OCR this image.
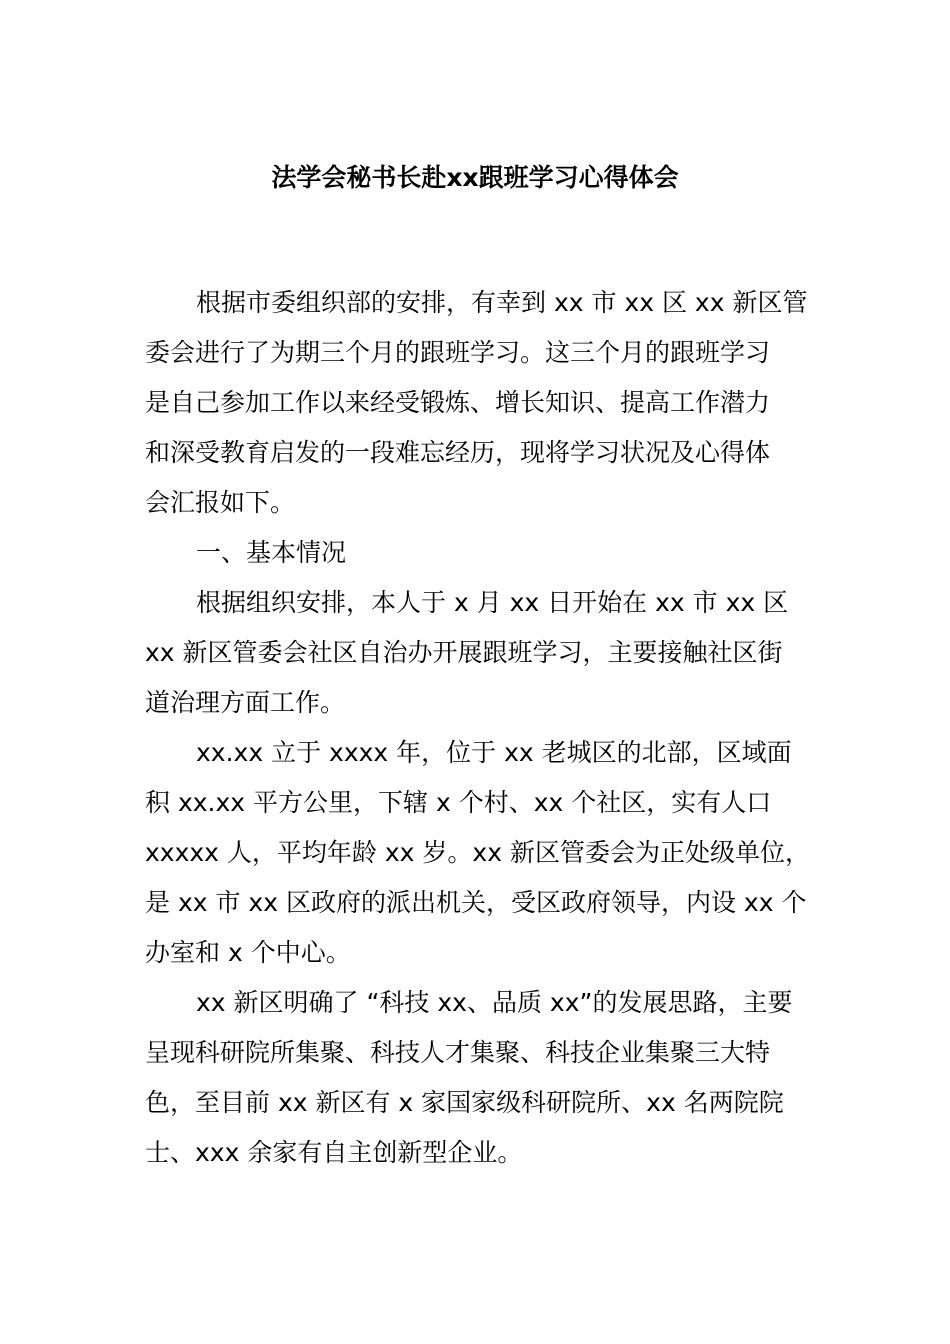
法学会秘书长赴xx跟班学习心得体会
根据市委组织部的安排，有幸到 xx 市 xx 区 xx 新区管
委会进行了为期三个月的跟班学习。这三个月的跟班学习
是自己参加工作以来经受锻炼、增长知识、提高工作潜力
和深受教育启发的一段难忘经历，现将学习状况及心得体
会汇报如下。
一、基本情况
根据组织安排，本人于 x 月 xx 日开始在 xx 市 xx 区
xx 新区管委会社区自治办开展跟班学习，主要接触社区街
道治理方面工作。
xx.xx 立于 xxxx 年，位于 xx 老城区的北部，区域面
积 xx.xx 平方公里，下辖 x 个村、xx 个社区，实有人口
xxxxx 人，平均年龄 xx 岁。xx 新区管委会为正处级单位，
是 xx 市 xx 区政府的派出机关，受区政府领导，内设 xx 个
办室和 x 个中心。
xx 新区明确了 “科技 xx、品质 xx”的发展思路，主要
呈现科研院所集聚、科技人才集聚、科技企业集聚三大特
色，至目前 xx 新区有 x 家国家级科研院所、xx 名两院院
士、xxx 余家有自主创新型企业。
